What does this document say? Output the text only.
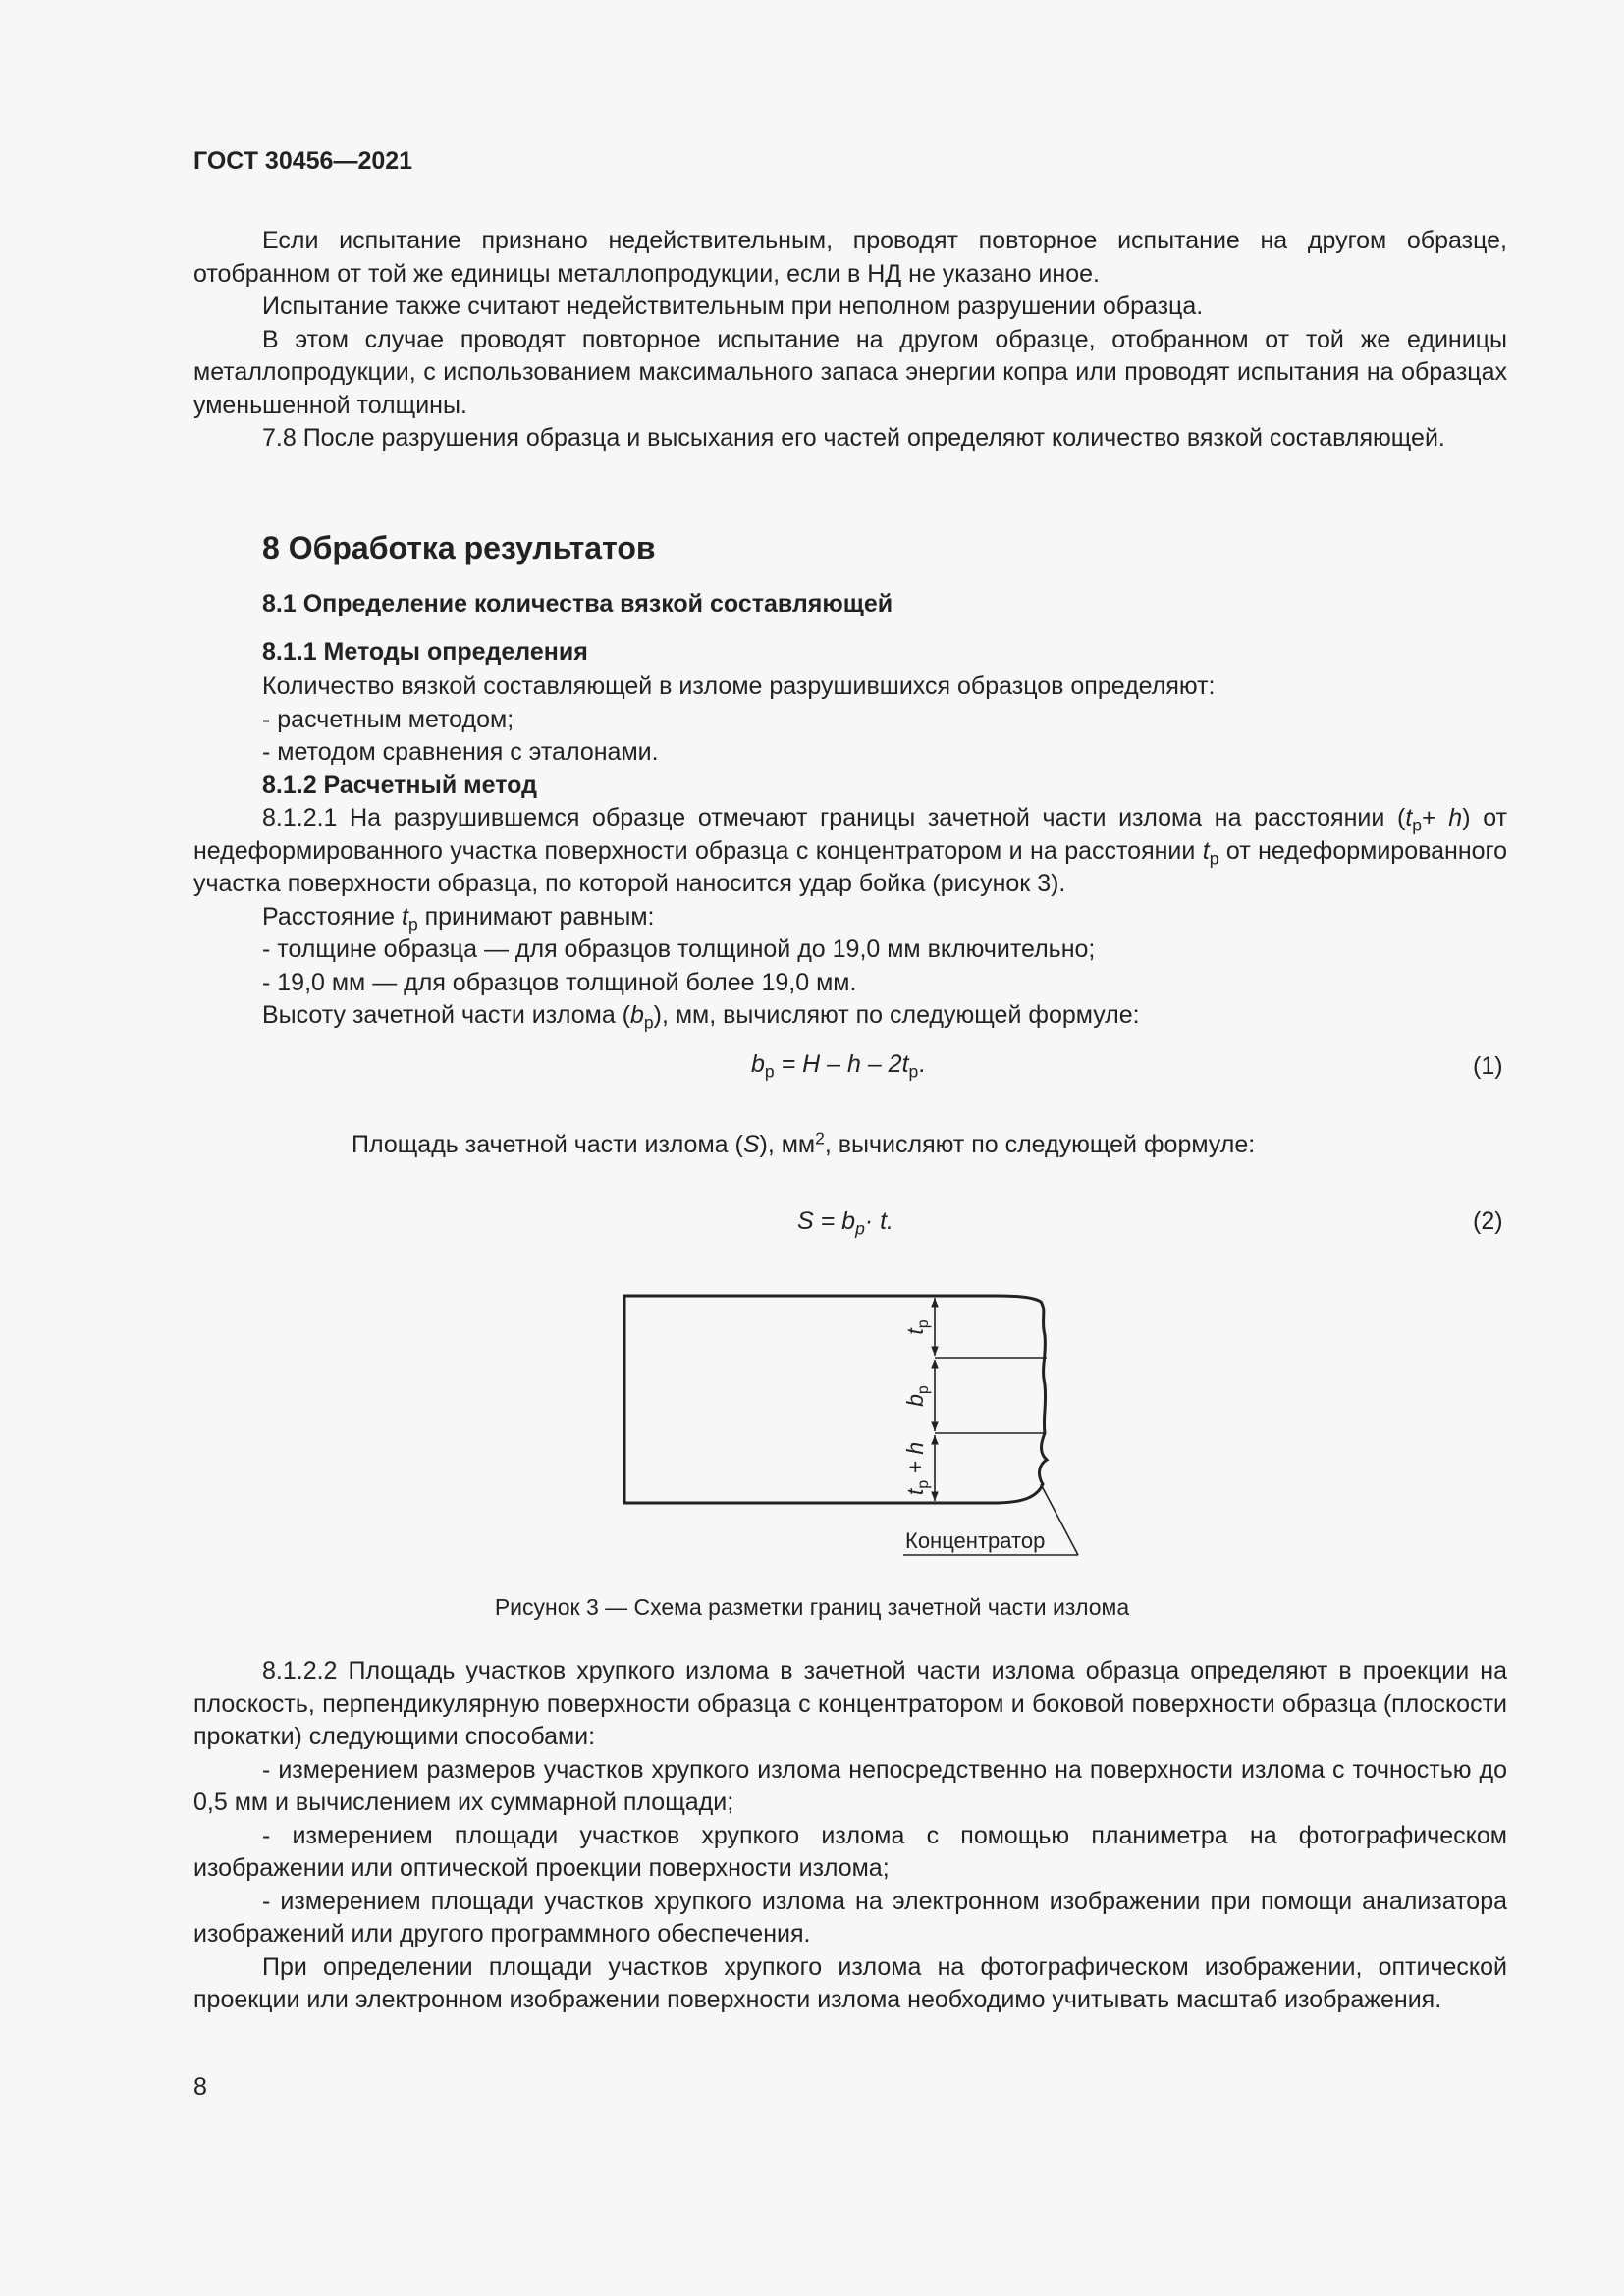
ГОСТ 30456—2021

Если испытание признано недействительным, проводят повторное испытание на другом образце, отобранном от той же единицы металлопродукции, если в НД не указано иное.

Испытание также считают недействительным при неполном разрушении образца.

В этом случае проводят повторное испытание на другом образце, отобранном от той же единицы металлопродукции, с использованием максимального запаса энергии копра или проводят испытания на образцах уменьшенной толщины.

7.8 После разрушения образца и высыхания его частей определяют количество вязкой составляющей.

8 Обработка результатов
8.1 Определение количества вязкой составляющей
8.1.1 Методы определения

Количество вязкой составляющей в изломе разрушившихся образцов определяют:

- расчетным методом;

- методом сравнения с эталонами.

8.1.2 Расчетный метод

8.1.2.1 На разрушившемся образце отмечают границы зачетной части излома на расстоянии $(t_p+ h)$ от недеформированного участка поверхности образца с концентратором и на расстоянии $t_p$ от недеформированного участка поверхности образца, по которой наносится удар бойка (рисунок 3).

Расстояние $t_p$ принимают равным:

- толщине образца — для образцов толщиной до 19,0 мм включительно;

- 19,0 мм — для образцов толщиной более 19,0 мм.

Высоту зачетной части излома $(b_р)$, мм, вычисляют по следующей формуле:

$b_р = H - h - 2t_р$.	(1)
Площадь зачетной части излома (S), $мм^2$, вычисляют по следующей формуле:
$S = b_p\cdot t$.	(2)
$t_р$
$b_р$
$t_р + h$
Концентратор
Рисунок 3 — Схема разметки границ зачетной части излома

8.1.2.2 Площадь участков хрупкого излома в зачетной части излома образца определяют в проекции на плоскость, перпендикулярную поверхности образца с концентратором и боковой поверхности образца (плоскости прокатки) следующими способами:

- измерением размеров участков хрупкого излома непосредственно на поверхности излома с точностью до 0,5 мм и вычислением их суммарной площади;

- измерением площади участков хрупкого излома с помощью планиметра на фотографическом изображении или оптической проекции поверхности излома;

- измерением площади участков хрупкого излома на электронном изображении при помощи анализатора изображений или другого программного обеспечения.

При определении площади участков хрупкого излома на фотографическом изображении, оптической проекции или электронном изображении поверхности излома необходимо учитывать масштаб изображения.

8
